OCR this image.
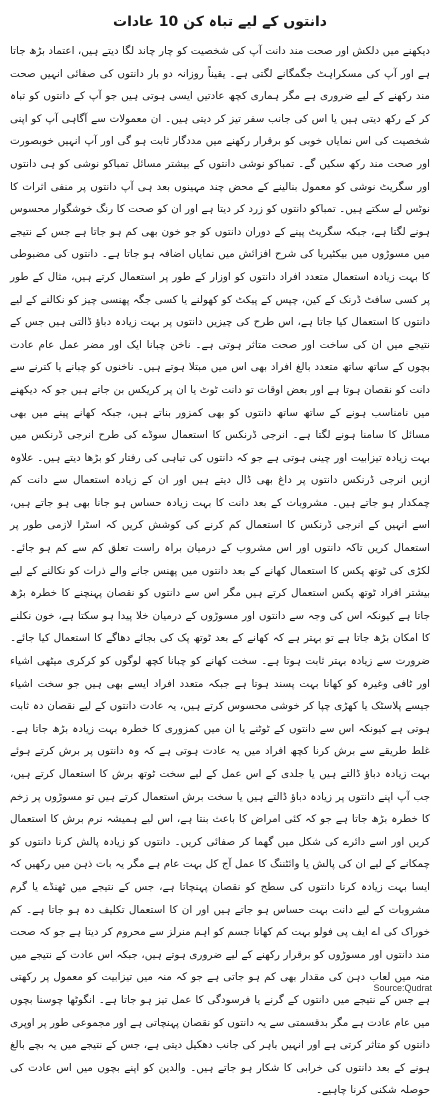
دانتوں کے لیے تباہ کن 10 عادات

دیکھنے میں دلکش اور صحت مند دانت آپ کی شخصیت کو چار چاند لگا دیتے ہیں، اعتماد بڑھ جاتا ہے اور آپ کی مسکراہٹ جگمگانے لگتی ہے۔ یقیناً روزانہ دو بار دانتوں کی صفائی انہیں صحت مند رکھنے کے لیے ضروری ہے مگر ہماری کچھ عادتیں ایسی ہوتی ہیں جو آپ کے دانتوں کو تباہ کر کے رکھ دیتی ہیں یا اس کی جانب سفر تیز کر دیتی ہیں۔ ان معمولات سے آگاہی آپ کو اپنی شخصیت کی اس نمایاں خوبی کو برقرار رکھنے میں مددگار ثابت ہو گی اور آپ انہیں خوبصورت اور صحت مند رکھ سکیں گے۔ تمباکو نوشی دانتوں کے بیشتر مسائل تمباکو نوشی کو ہی دانتوں اور سگریٹ نوشی کو معمول بنالینے کے محض چند مہینوں بعد ہی آپ دانتوں پر منفی اثرات کا نوٹس لے سکتے ہیں۔ تمباکو دانتوں کو زرد کر دیتا ہے اور ان کو صحت کا رنگ خوشگوار محسوس ہونے لگتا ہے، جبکہ سگریٹ پینے کے دوران دانتوں کو جو خون بھی کم ہو جاتا ہے جس کے نتیجے میں مسوڑوں میں بیکٹیریا کی شرح افزائش میں نمایاں اضافہ ہو جاتا ہے۔ دانتوں کی مضبوطی کا بہت زیادہ استعمال متعدد افراد دانتوں کو اوزار کے طور پر استعمال کرتے ہیں، مثال کے طور پر کسی سافٹ ڈرنک کے کین، چپس کے پیکٹ کو کھولنے یا کسی جگہ پھنسی چیز کو نکالنے کے لیے دانتوں کا استعمال کیا جاتا ہے، اس طرح کی چیزیں دانتوں پر بہت زیادہ دباؤ ڈالتی ہیں جس کے نتیجے میں ان کی ساخت اور صحت متاثر ہوتی ہے۔ ناخن چبانا ایک اور مضر عمل عام عادت بچوں کے ساتھ ساتھ متعدد بالغ افراد بھی اس میں مبتلا ہوتے ہیں۔ ناخنوں کو چبانے یا کترنے سے دانت کو نقصان ہوتا ہے اور بعض اوقات تو دانت ٹوٹ یا ان پر کریکس بن جاتے ہیں جو کہ دیکھنے میں نامناسب ہونے کے ساتھ ساتھ دانتوں کو بھی کمزور بناتے ہیں، جبکہ کھانے پینے میں بھی مسائل کا سامنا ہونے لگتا ہے۔ انرجی ڈرنکس کا استعمال سوڈے کی طرح انرجی ڈرنکس میں بہت زیادہ تیزابیت اور چینی ہوتی ہے جو کہ دانتوں کی تباہی کی رفتار کو بڑھا دیتے ہیں۔ علاوہ ازیں انرجی ڈرنکس دانتوں پر داغ بھی ڈال دیتے ہیں اور ان کے زیادہ استعمال سے دانت کم چمکدار ہو جاتے ہیں۔ مشروبات کے بعد دانت کا بہت زیادہ حساس ہو جانا بھی ہو جاتے ہیں، اسے انہیں کے انرجی ڈرنکس کا استعمال کم کرنے کی کوشش کریں کہ اسٹرا لازمی طور پر استعمال کریں تاکہ دانتوں اور اس مشروب کے درمیان براہ راست تعلق کم سے کم ہو جائے۔ لکڑی کی ٹوتھ پکس کا استعمال کھانے کے بعد دانتوں میں پھنس جانے والے ذرات کو نکالنے کے لیے بیشتر افراد ٹوتھ پکس استعمال کرتے ہیں مگر اس سے دانتوں کو نقصان پہنچنے کا خطرہ بڑھ جاتا ہے کیونکہ اس کی وجہ سے دانتوں اور مسوڑوں کے درمیان خلا پیدا ہو سکتا ہے، خون نکلنے کا امکان بڑھ جاتا ہے تو بہتر ہے کہ کھانے کے بعد ٹوتھ پک کی بجائے دھاگے کا استعمال کیا جائے۔ ضرورت سے زیادہ بہتر ثابت ہوتا ہے۔ سخت کھانے کو چبانا کچھ لوگوں کو کرکری میٹھی اشیاء اور ٹافی وغیرہ کو کھانا بہت پسند ہوتا ہے جبکہ متعدد افراد ایسے بھی ہیں جو سخت اشیاء جیسے پلاسٹک یا کھڑی چپا کر خوشی محسوس کرتے ہیں، یہ عادت دانتوں کے لیے نقصان دہ ثابت ہوتی ہے کیونکہ اس سے دانتوں کے ٹوٹنے یا ان میں کمزوری کا خطرہ بہت زیادہ بڑھ جاتا ہے۔ غلط طریقے سے برش کرنا کچھ افراد میں یہ عادت ہوتی ہے کہ وہ دانتوں پر برش کرتے ہوئے بہت زیادہ دباؤ ڈالتے ہیں یا جلدی کے اس عمل کے لیے سخت ٹوتھ برش کا استعمال کرتے ہیں، جب آپ اپنے دانتوں پر زیادہ دباؤ ڈالتے ہیں یا سخت برش استعمال کرتے ہیں تو مسوڑوں پر زخم کا خطرہ بڑھ جاتا ہے جو کہ کئی امراض کا باعث بنتا ہے، اس لیے ہمیشہ نرم برش کا استعمال کریں اور اسے دائرے کی شکل میں گھما کر صفائی کریں۔ دانتوں کو زیادہ پالش کرنا دانتوں کو چمکانے کے لیے ان کی پالش یا وائٹننگ کا عمل آج کل بہت عام ہے مگر یہ بات ذہن میں رکھیں کہ ایسا بہت زیادہ کرنا دانتوں کی سطح کو نقصان پہنچاتا ہے، جس کے نتیجے میں ٹھنڈے یا گرم مشروبات کے لیے دانت بہت حساس ہو جاتے ہیں اور ان کا استعمال تکلیف دہ ہو جاتا ہے۔ کم خوراک کی اے ایف پی فولو بہت کم کھانا جسم کو اہم منرلز سے محروم کر دیتا ہے جو کہ صحت مند دانتوں اور مسوڑوں کو برقرار رکھنے کے لیے ضروری ہوتے ہیں، جبکہ اس عادت کے نتیجے میں منہ میں لعاب دہن کی مقدار بھی کم ہو جاتی ہے جو کہ منہ میں تیزابیت کو معمول پر رکھتی ہے جس کے نتیجے میں دانتوں کے گرنے یا فرسودگی کا عمل تیز ہو جاتا ہے۔ انگوٹھا چوسنا بچوں میں عام عادت ہے مگر بدقسمتی سے یہ دانتوں کو نقصان پہنچاتی ہے اور مجموعی طور پر اوپری دانتوں کو متاثر کرتی ہے اور انہیں باہر کی جانب دھکیل دیتی ہے، جس کے نتیجے میں یہ بچے بالغ ہونے کے بعد دانتوں کی خرابی کا شکار ہو جاتے ہیں۔ والدین کو اپنے بچوں میں اس عادت کی حوصلہ شکنی کرنا چاہیے۔

Source:Qudrat
